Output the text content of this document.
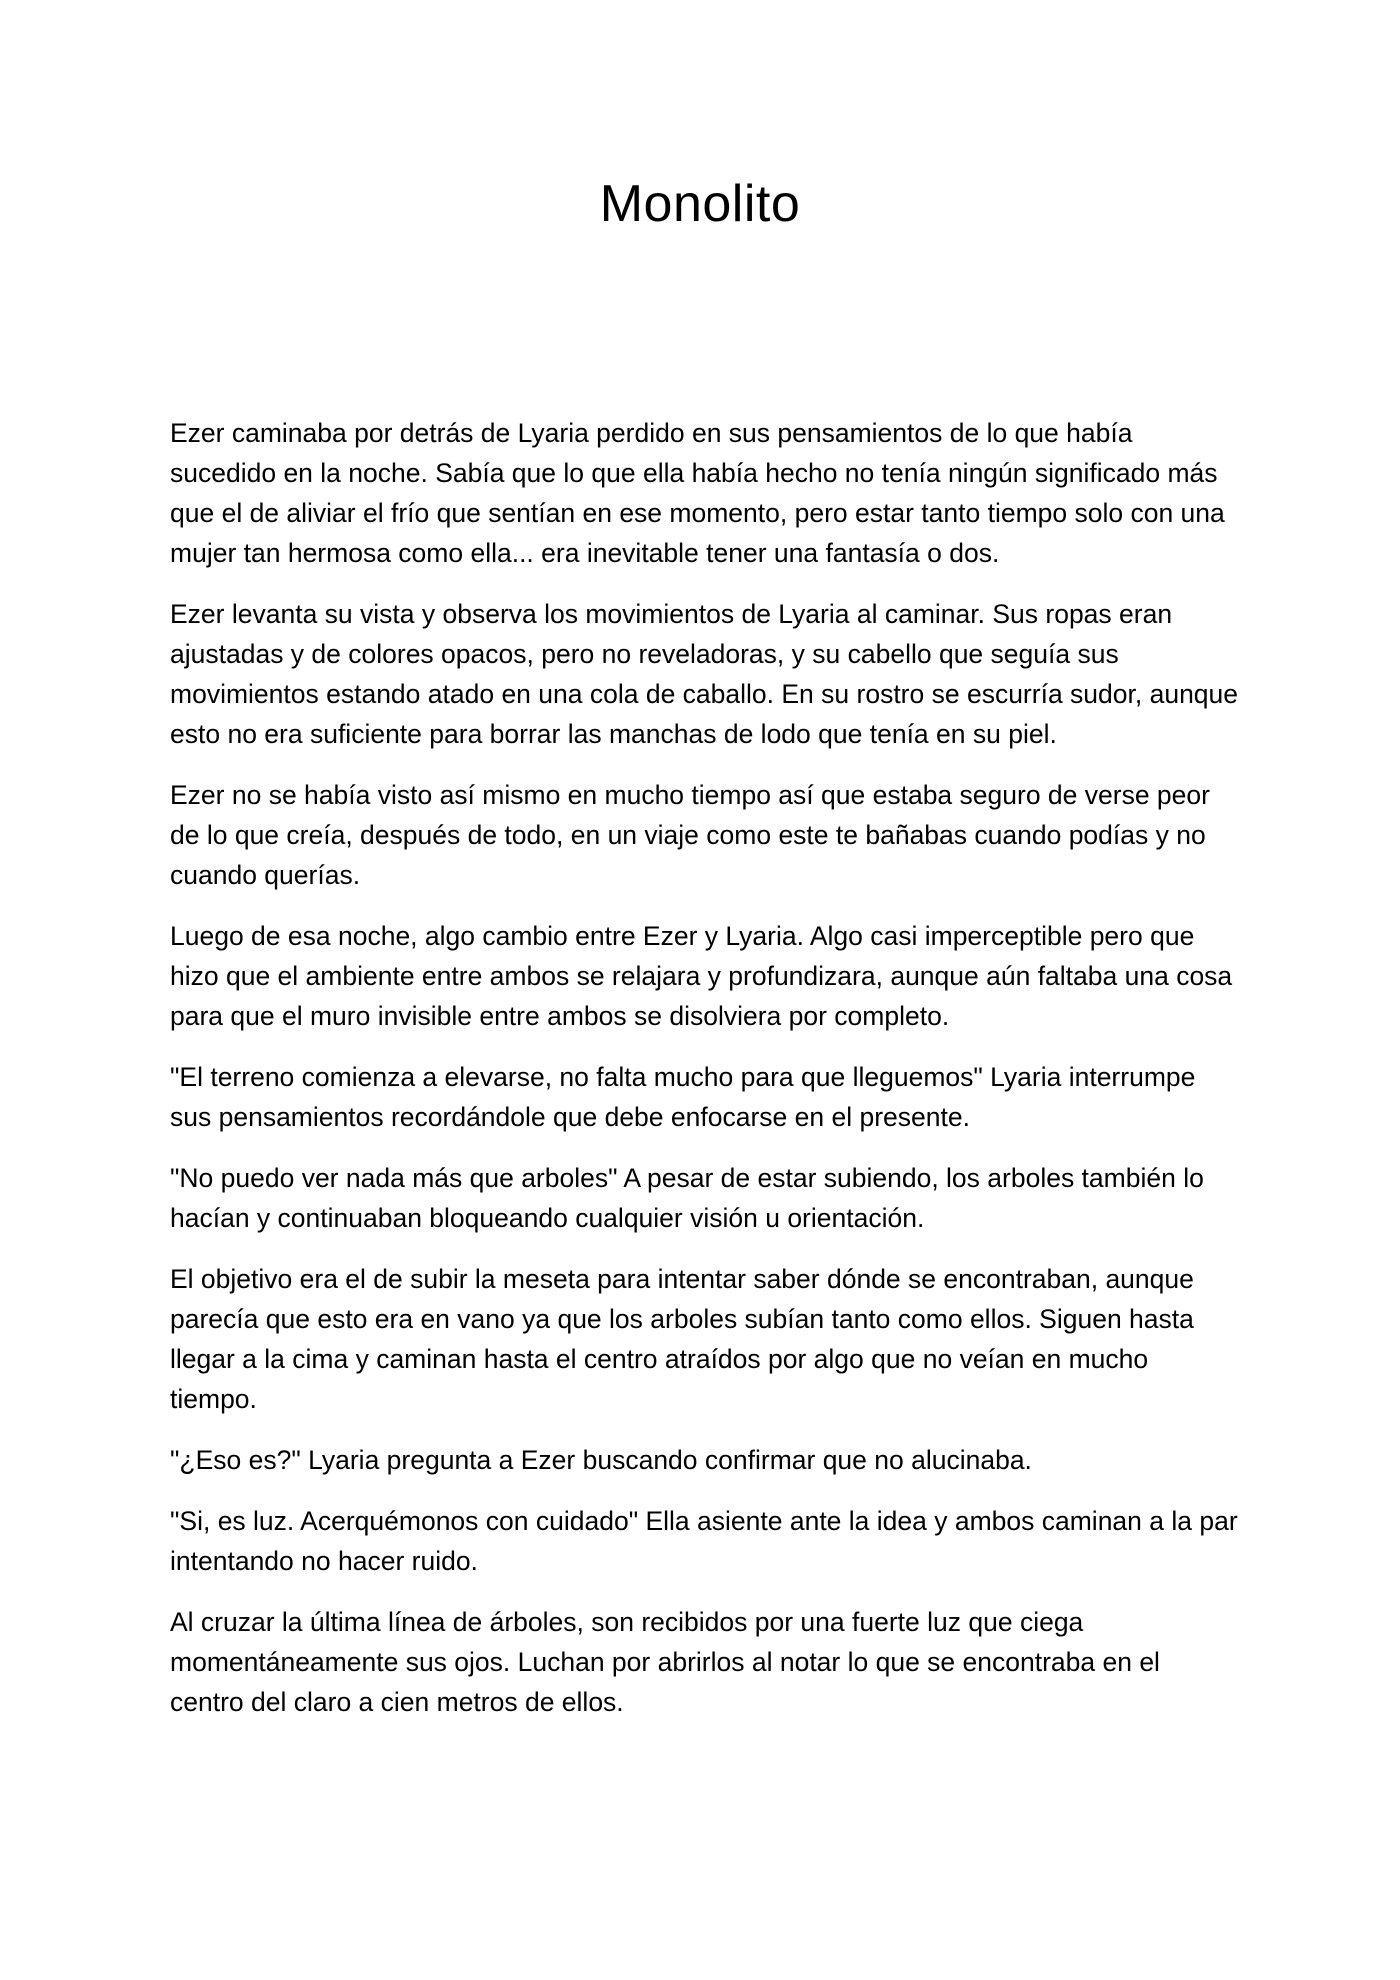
Monolito

Ezer caminaba por detrás de Lyaria perdido en sus pensamientos de lo que había sucedido en la noche. Sabía que lo que ella había hecho no tenía ningún significado más que el de aliviar el frío que sentían en ese momento, pero estar tanto tiempo solo con una mujer tan hermosa como ella... era inevitable tener una fantasía o dos.

Ezer levanta su vista y observa los movimientos de Lyaria al caminar. Sus ropas eran ajustadas y de colores opacos, pero no reveladoras, y su cabello que seguía sus movimientos estando atado en una cola de caballo. En su rostro se escurría sudor, aunque esto no era suficiente para borrar las manchas de lodo que tenía en su piel.

Ezer no se había visto así mismo en mucho tiempo así que estaba seguro de verse peor de lo que creía, después de todo, en un viaje como este te bañabas cuando podías y no cuando querías.

Luego de esa noche, algo cambio entre Ezer y Lyaria. Algo casi imperceptible pero que hizo que el ambiente entre ambos se relajara y profundizara, aunque aún faltaba una cosa para que el muro invisible entre ambos se disolviera por completo.

"El terreno comienza a elevarse, no falta mucho para que lleguemos" Lyaria interrumpe sus pensamientos recordándole que debe enfocarse en el presente.

"No puedo ver nada más que arboles" A pesar de estar subiendo, los arboles también lo hacían y continuaban bloqueando cualquier visión u orientación.

El objetivo era el de subir la meseta para intentar saber dónde se encontraban, aunque parecía que esto era en vano ya que los arboles subían tanto como ellos. Siguen hasta llegar a la cima y caminan hasta el centro atraídos por algo que no veían en mucho tiempo.

"¿Eso es?" Lyaria pregunta a Ezer buscando confirmar que no alucinaba.

"Si, es luz. Acerquémonos con cuidado" Ella asiente ante la idea y ambos caminan a la par intentando no hacer ruido.

Al cruzar la última línea de árboles, son recibidos por una fuerte luz que ciega momentáneamente sus ojos. Luchan por abrirlos al notar lo que se encontraba en el centro del claro a cien metros de ellos.
